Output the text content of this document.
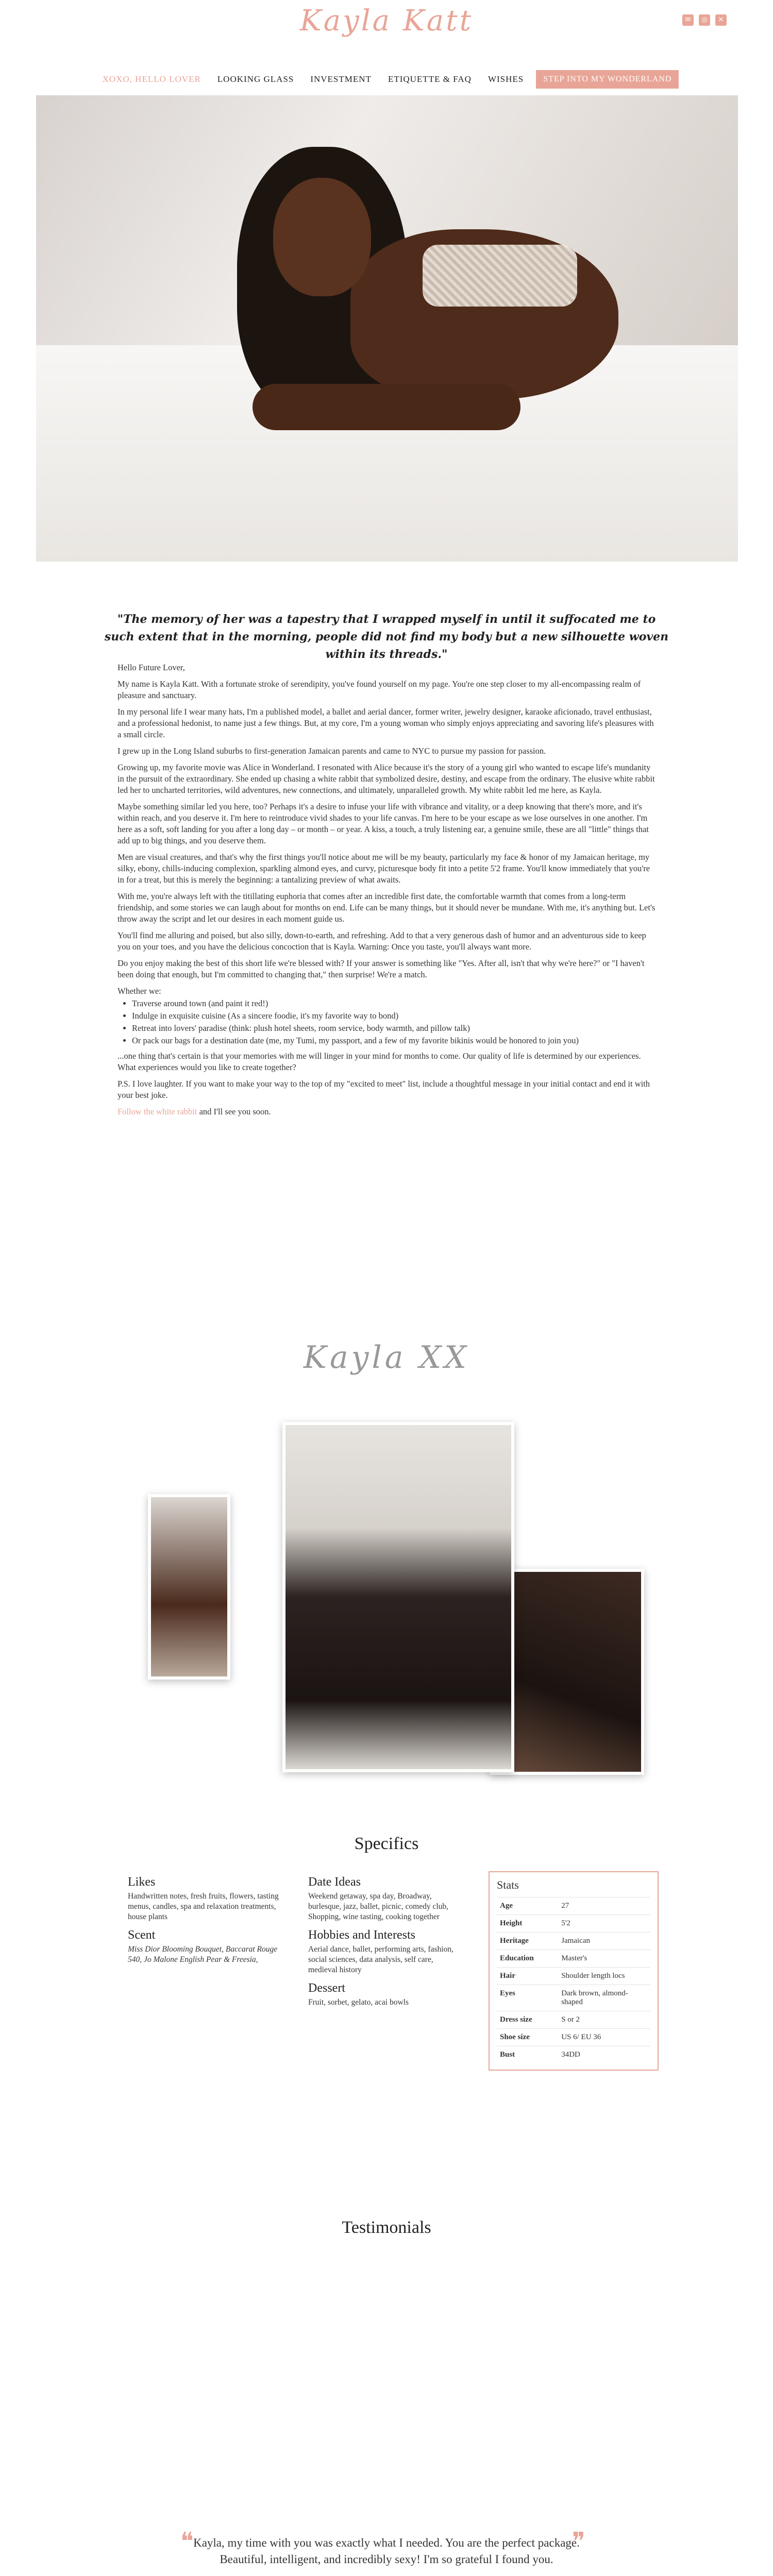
Kayla Katt	✉	◎	✕
XOXO, HELLO LOVER	LOOKING GLASS	INVESTMENT	ETIQUETTE & FAQ	WISHES	STEP INTO MY WONDERLAND
"The memory of her was a tapestry that I wrapped myself in until it suffocated me to such extent that in the morning, people did not find my body but a new silhouette woven within its threads."

Hello Future Lover,

My name is Kayla Katt. With a fortunate stroke of serendipity, you've found yourself on my page. You're one step closer to my all-encompassing realm of pleasure and sanctuary.

In my personal life I wear many hats, I'm a published model, a ballet and aerial dancer, former writer, jewelry designer, karaoke aficionado, travel enthusiast, and a professional hedonist, to name just a few things. But, at my core, I'm a young woman who simply enjoys appreciating and savoring life's pleasures with a small circle.

I grew up in the Long Island suburbs to first-generation Jamaican parents and came to NYC to pursue my passion for passion.

Growing up, my favorite movie was Alice in Wonderland. I resonated with Alice because it's the story of a young girl who wanted to escape life's mundanity in the pursuit of the extraordinary. She ended up chasing a white rabbit that symbolized desire, destiny, and escape from the ordinary. The elusive white rabbit led her to uncharted territories, wild adventures, new connections, and ultimately, unparalleled growth. My white rabbit led me here, as Kayla.

Maybe something similar led you here, too? Perhaps it's a desire to infuse your life with vibrance and vitality, or a deep knowing that there's more, and it's within reach, and you deserve it. I'm here to reintroduce vivid shades to your life canvas. I'm here to be your escape as we lose ourselves in one another. I'm here as a soft, soft landing for you after a long day – or month – or year. A kiss, a touch, a truly listening ear, a genuine smile, these are all "little" things that add up to big things, and you deserve them.

Men are visual creatures, and that's why the first things you'll notice about me will be my beauty, particularly my face & honor of my Jamaican heritage, my silky, ebony, chills-inducing complexion, sparkling almond eyes, and curvy, picturesque body fit into a petite 5'2 frame. You'll know immediately that you're in for a treat, but this is merely the beginning: a tantalizing preview of what awaits.

With me, you're always left with the titillating euphoria that comes after an incredible first date, the comfortable warmth that comes from a long-term friendship, and some stories we can laugh about for months on end. Life can be many things, but it should never be mundane. With me, it's anything but. Let's throw away the script and let our desires in each moment guide us.

You'll find me alluring and poised, but also silly, down-to-earth, and refreshing. Add to that a very generous dash of humor and an adventurous side to keep you on your toes, and you have the delicious concoction that is Kayla. Warning: Once you taste, you'll always want more.

Do you enjoy making the best of this short life we're blessed with? If your answer is something like "Yes. After all, isn't that why we're here?" or "I haven't been doing that enough, but I'm committed to changing that," then surprise! We're a match.

Whether we:

• Traverse around town (and paint it red!)
• Indulge in exquisite cuisine (As a sincere foodie, it's my favorite way to bond)
• Retreat into lovers' paradise (think: plush hotel sheets, room service, body warmth, and pillow talk)
• Or pack our bags for a destination date (me, my Tumi, my passport, and a few of my favorite bikinis would be honored to join you)

...one thing that's certain is that your memories with me will linger in your mind for months to come. Our quality of life is determined by our experiences. What experiences would you like to create together?

P.S. I love laughter. If you want to make your way to the top of my "excited to meet" list, include a thoughtful message in your initial contact and end it with your best joke.

Follow the white rabbit and I'll see you soon.

Kayla XX
Specifics
Likes

Handwritten notes, fresh fruits, flowers, tasting menus, candles, spa and relaxation treatments, house plants

Scent

Miss Dior Blooming Bouquet, Baccarat Rouge 540, Jo Malone English Pear & Freesia,

Date Ideas

Weekend getaway, spa day, Broadway, burlesque, jazz, ballet, picnic, comedy club, Shopping, wine tasting, cooking together

Hobbies and Interests

Aerial dance, ballet, performing arts, fashion, social sciences, data analysis, self care, medieval history

Dessert

Fruit, sorbet, gelato, acai bowls

Stats
Age	27
Height	5'2
Heritage	Jamaican
Education	Master's
Hair	Shoulder length locs
Eyes	Dark brown, almond-shaped
Dress size	S or 2
Shoe size	US 6/ EU 36
Bust	34DD
Testimonials
❝	❞
Kayla, my time with you was exactly what I needed. You are the perfect package. Beautiful, intelligent, and incredibly sexy! I'm so grateful I found you.
